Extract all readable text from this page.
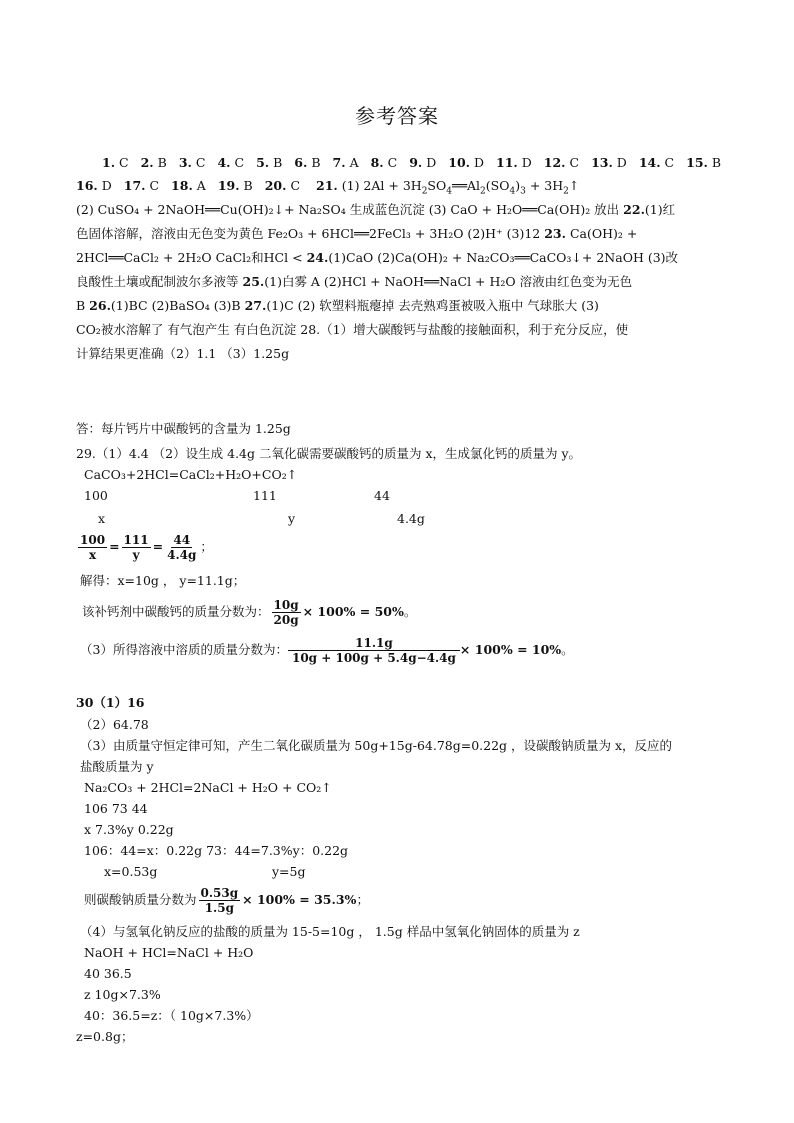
参考答案
1. C 2. B 3. C 4. C 5. B 6. B 7. A 8. C 9. D 10. D 11. D 12. C 13. D 14. C 15. B

16. D 17. C 18. A 19. B 20. C 21. (1) $2Al + 3H_2SO_4══Al_2(SO_4)_3$ + $3H_2↑$

(2) CuSO₄ + 2NaOH══Cu(OH)₂↓+ Na₂SO₄ 生成蓝色沉淀 (3) CaO + H₂O══Ca(OH)₂ 放出 22.(1)红

色固体溶解，溶液由无色变为黄色 Fe₂O₃ + 6HCl══2FeCl₃ + 3H₂O (2)H⁺ (3)12 23. Ca(OH)₂ +

2HCl══CaCl₂ + 2H₂O CaCl₂和HCl < 24.(1)CaO (2)Ca(OH)₂ + Na₂CO₃══CaCO₃↓+ 2NaOH (3)改

良酸性土壤或配制波尔多液等 25.(1)白雾 A (2)HCl + NaOH══NaCl + H₂O 溶液由红色变为无色

B 26.(1)BC (2)BaSO₄ (3)B 27.(1)C (2) 软塑料瓶瘪掉 去壳熟鸡蛋被吸入瓶中 气球胀大 (3)

CO₂被水溶解了 有气泡产生 有白色沉淀 28.（1）增大碳酸钙与盐酸的接触面积，利于充分反应，使

计算结果更准确（2）1.1 （3）1.25g

答：每片钙片中碳酸钙的含量为 1.25g
29.（1）4.4 （2）设生成 4.4g 二氧化碳需要碳酸钙的质量为 x，生成氯化钙的质量为 y。
CaCO₃+2HCl=CaCl₂+H₂O+CO₂↑
100	111	44
x	y	4.4g
$\frac{100}{x} = \frac{111}{y} = \frac{44}{4.4g}$ ；
解得：x=10g ， y=11.1g；
该补钙剂中碳酸钙的质量分数为： $\frac{10g}{20g} \times 100\% = 50\%$。
（3）所得溶液中溶质的质量分数为： $\frac{11.1g}{10g + 100g + 5.4g-4.4g} \times 100\% = 10\%$。
30（1）16
（2）64.78
（3）由质量守恒定律可知，产生二氧化碳质量为 50g+15g-64.78g=0.22g ，设碳酸钠质量为 x，反应的
盐酸质量为 y
Na₂CO₃ + 2HCl=2NaCl + H₂O + CO₂↑
106 73 44
x 7.3%y 0.22g
106：44=x：0.22g 73：44=7.3%y：0.22g
x=0.53g	y=5g
则碳酸钠质量分数为 $\frac{0.53g}{1.5g} \times 100\% = 35.3\%$；
（4）与氢氧化钠反应的盐酸的质量为 15-5=10g ， 1.5g 样品中氢氧化钠固体的质量为 z
NaOH + HCl=NaCl + H₂O
40 36.5
z 10g×7.3%
40：36.5=z：（ 10g×7.3%）
z=0.8g；
